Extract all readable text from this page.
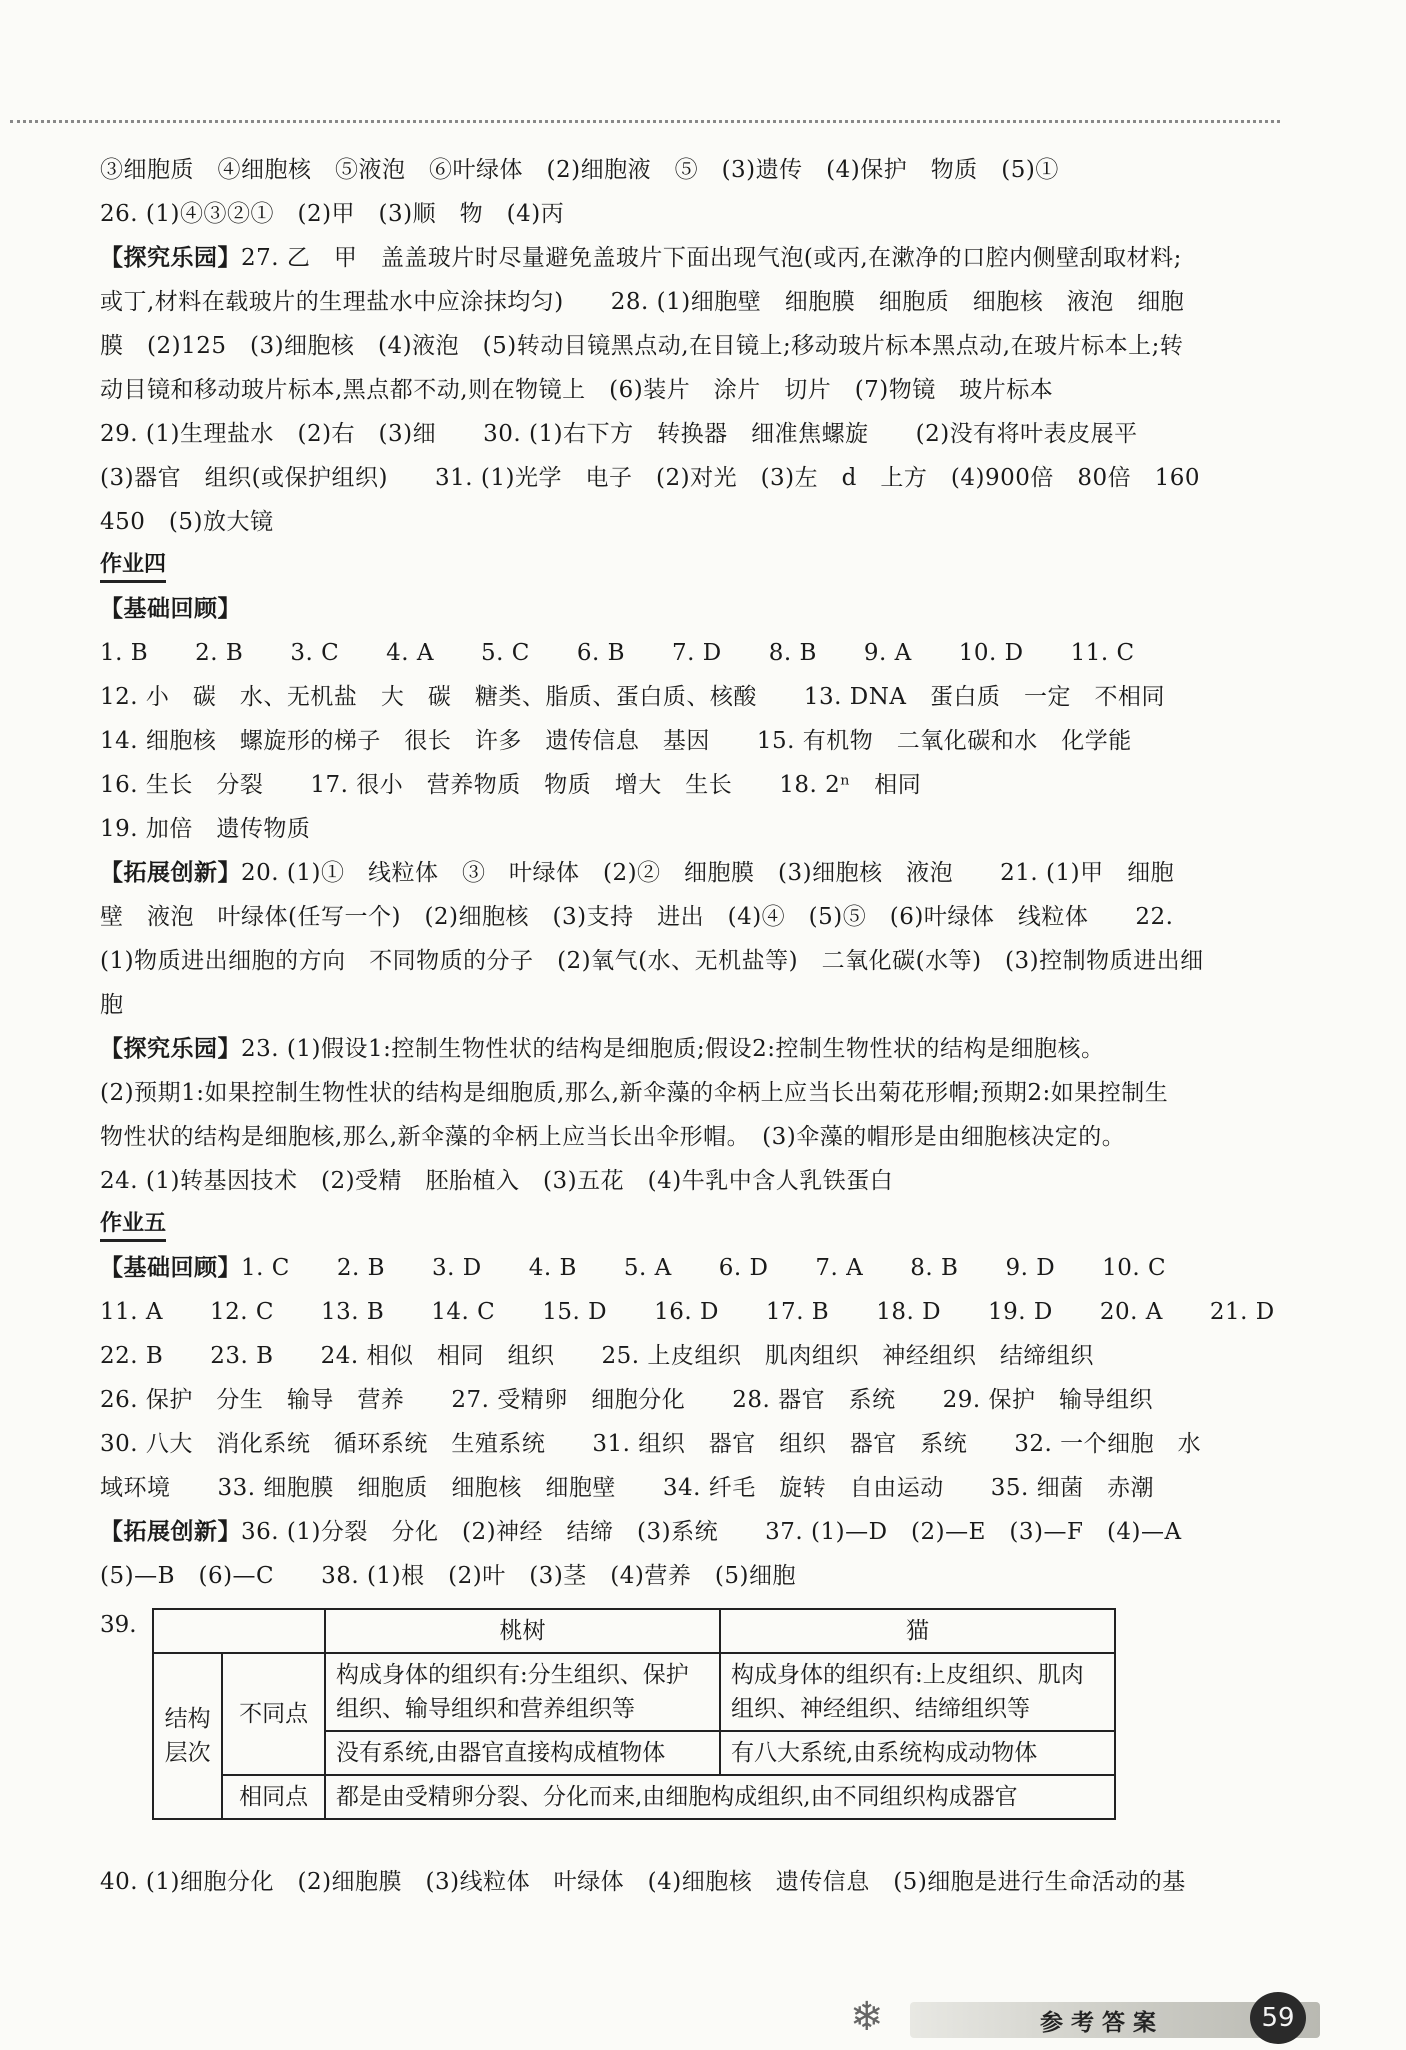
③细胞质　④细胞核　⑤液泡　⑥叶绿体　(2)细胞液　⑤　(3)遗传　(4)保护　物质　(5)①
26. (1)④③②①　(2)甲　(3)顺　物　(4)丙
【探究乐园】27. 乙　甲　盖盖玻片时尽量避免盖玻片下面出现气泡(或丙,在漱净的口腔内侧壁刮取材料;
或丁,材料在载玻片的生理盐水中应涂抹均匀)　　28. (1)细胞壁　细胞膜　细胞质　细胞核　液泡　细胞
膜　(2)125　(3)细胞核　(4)液泡　(5)转动目镜黑点动,在目镜上;移动玻片标本黑点动,在玻片标本上;转
动目镜和移动玻片标本,黑点都不动,则在物镜上　(6)装片　涂片　切片　(7)物镜　玻片标本
29. (1)生理盐水　(2)右　(3)细　　30. (1)右下方　转换器　细准焦螺旋　　(2)没有将叶表皮展平
(3)器官　组织(或保护组织)　　31. (1)光学　电子　(2)对光　(3)左　d　上方　(4)900倍　80倍　160
450　(5)放大镜
作业四
【基础回顾】
1. B　　2. B　　3. C　　4. A　　5. C　　6. B　　7. D　　8. B　　9. A　　10. D　　11. C
12. 小　碳　水、无机盐　大　碳　糖类、脂质、蛋白质、核酸　　13. DNA　蛋白质　一定　不相同
14. 细胞核　螺旋形的梯子　很长　许多　遗传信息　基因　　15. 有机物　二氧化碳和水　化学能
16. 生长　分裂　　17. 很小　营养物质　物质　增大　生长　　18. 2ⁿ　相同
19. 加倍　遗传物质
【拓展创新】20. (1)①　线粒体　③　叶绿体　(2)②　细胞膜　(3)细胞核　液泡　　21. (1)甲　细胞
壁　液泡　叶绿体(任写一个)　(2)细胞核　(3)支持　进出　(4)④　(5)⑤　(6)叶绿体　线粒体　　22.
(1)物质进出细胞的方向　不同物质的分子　(2)氧气(水、无机盐等)　二氧化碳(水等)　(3)控制物质进出细
胞
【探究乐园】23. (1)假设1:控制生物性状的结构是细胞质;假设2:控制生物性状的结构是细胞核。
(2)预期1:如果控制生物性状的结构是细胞质,那么,新伞藻的伞柄上应当长出菊花形帽;预期2:如果控制生
物性状的结构是细胞核,那么,新伞藻的伞柄上应当长出伞形帽。　(3)伞藻的帽形是由细胞核决定的。
24. (1)转基因技术　(2)受精　胚胎植入　(3)五花　(4)牛乳中含人乳铁蛋白
作业五
【基础回顾】1. C　　2. B　　3. D　　4. B　　5. A　　6. D　　7. A　　8. B　　9. D　　10. C
11. A　　12. C　　13. B　　14. C　　15. D　　16. D　　17. B　　18. D　　19. D　　20. A　　21. D
22. B　　23. B　　24. 相似　相同　组织　　25. 上皮组织　肌肉组织　神经组织　结缔组织
26. 保护　分生　输导　营养　　27. 受精卵　细胞分化　　28. 器官　系统　　29. 保护　输导组织
30. 八大　消化系统　循环系统　生殖系统　　31. 组织　器官　组织　器官　系统　　32. 一个细胞　水
域环境　　33. 细胞膜　细胞质　细胞核　细胞壁　　34. 纤毛　旋转　自由运动　　35. 细菌　赤潮
【拓展创新】36. (1)分裂　分化　(2)神经　结缔　(3)系统　　37. (1)—D　(2)—E　(3)—F　(4)—A
(5)—B　(6)—C　　38. (1)根　(2)叶　(3)茎　(4)营养　(5)细胞
39.
		桃树	猫
结构层次	不同点	构成身体的组织有:分生组织、保护组织、输导组织和营养组织等	构成身体的组织有:上皮组织、肌肉组织、神经组织、结缔组织等
		没有系统,由器官直接构成植物体	有八大系统,由系统构成动物体
	相同点	都是由受精卵分裂、分化而来,由细胞构成组织,由不同组织构成器官	
40. (1)细胞分化　(2)细胞膜　(3)线粒体　叶绿体　(4)细胞核　遗传信息　(5)细胞是进行生命活动的基
❄	参考答案	59
